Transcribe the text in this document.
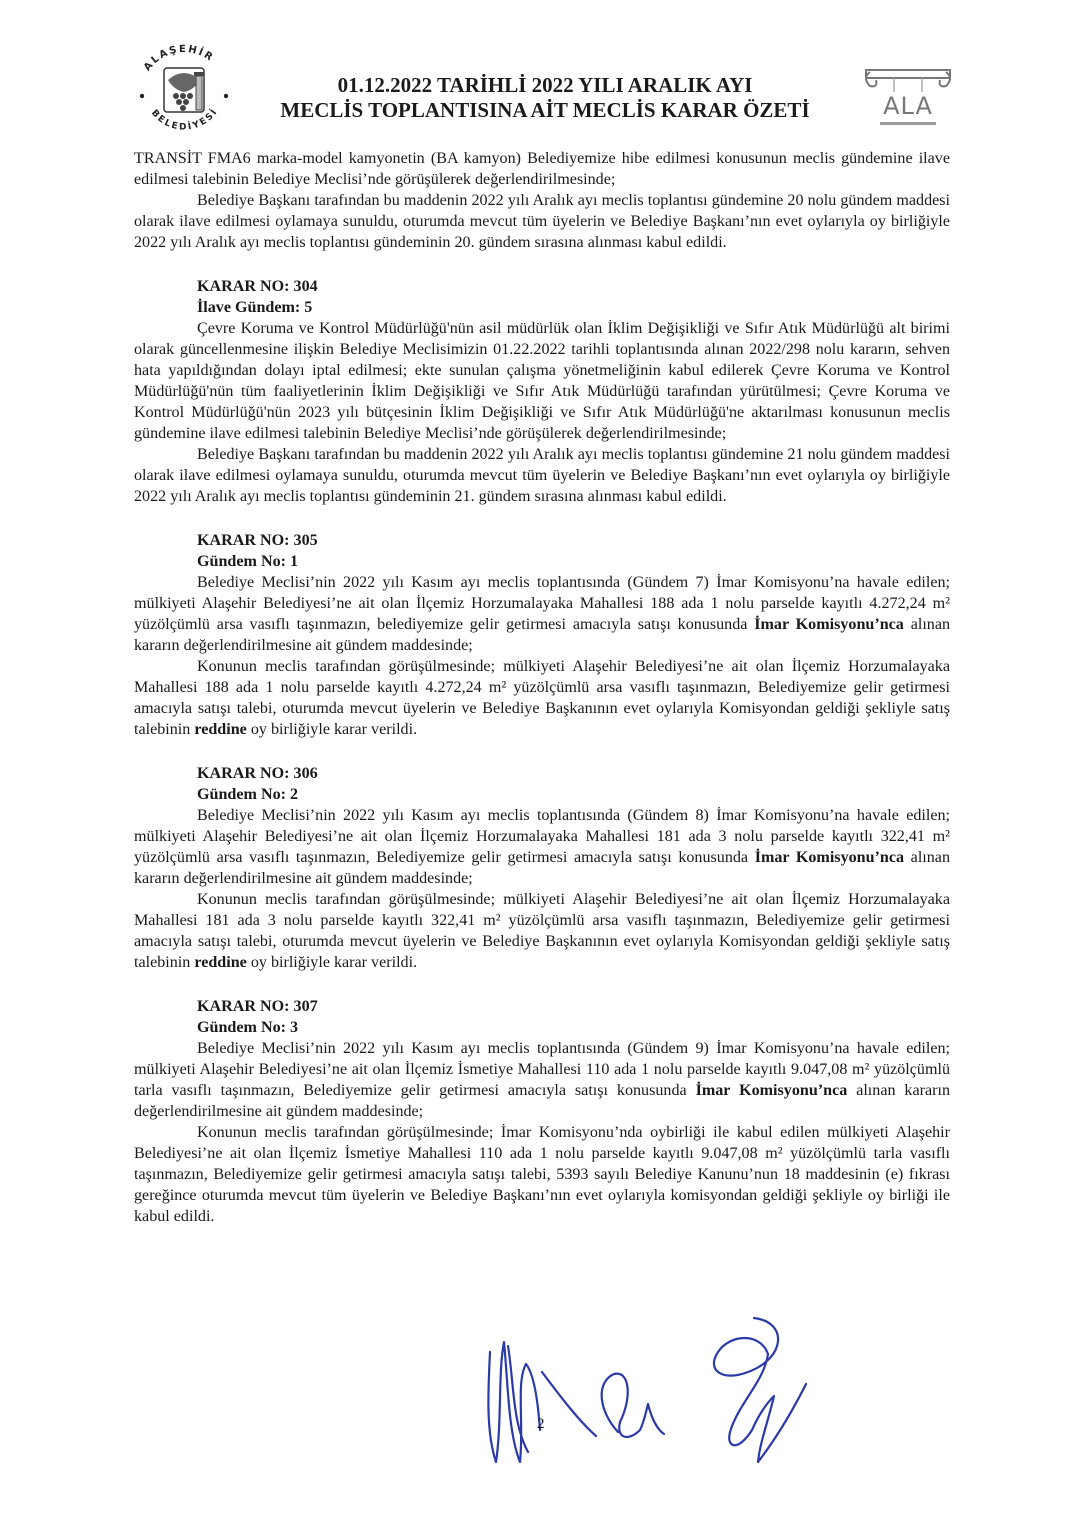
ALAŞEHİR
BELEDİYESİ
01.12.2022 TARİHLİ 2022 YILI ARALIK AYI
MECLİS TOPLANTISINA AİT MECLİS KARAR ÖZETİ	ALA

TRANSİT FMA6 marka-model kamyonetin (BA kamyon) Belediyemize hibe edilmesi konusunun meclis gündemine ilave edilmesi talebinin Belediye Meclisi’nde görüşülerek değerlendirilmesinde;

Belediye Başkanı tarafından bu maddenin 2022 yılı Aralık ayı meclis toplantısı gündemine 20 nolu gündem maddesi olarak ilave edilmesi oylamaya sunuldu, oturumda mevcut tüm üyelerin ve Belediye Başkanı’nın evet oylarıyla oy birliğiyle 2022 yılı Aralık ayı meclis toplantısı gündeminin 20. gündem sırasına alınması kabul edildi.

KARAR NO: 304
İlave Gündem: 5

Çevre Koruma ve Kontrol Müdürlüğü'nün asil müdürlük olan İklim Değişikliği ve Sıfır Atık Müdürlüğü alt birimi olarak güncellenmesine ilişkin Belediye Meclisimizin 01.22.2022 tarihli toplantısında alınan 2022/298 nolu kararın, sehven hata yapıldığından dolayı iptal edilmesi; ekte sunulan çalışma yönetmeliğinin kabul edilerek Çevre Koruma ve Kontrol Müdürlüğü'nün tüm faaliyetlerinin İklim Değişikliği ve Sıfır Atık Müdürlüğü tarafından yürütülmesi; Çevre Koruma ve Kontrol Müdürlüğü'nün 2023 yılı bütçesinin İklim Değişikliği ve Sıfır Atık Müdürlüğü'ne aktarılması konusunun meclis gündemine ilave edilmesi talebinin Belediye Meclisi’nde görüşülerek değerlendirilmesinde;

Belediye Başkanı tarafından bu maddenin 2022 yılı Aralık ayı meclis toplantısı gündemine 21 nolu gündem maddesi olarak ilave edilmesi oylamaya sunuldu, oturumda mevcut tüm üyelerin ve Belediye Başkanı’nın evet oylarıyla oy birliğiyle 2022 yılı Aralık ayı meclis toplantısı gündeminin 21. gündem sırasına alınması kabul edildi.

KARAR NO: 305
Gündem No: 1

Belediye Meclisi’nin 2022 yılı Kasım ayı meclis toplantısında (Gündem 7) İmar Komisyonu’na havale edilen; mülkiyeti Alaşehir Belediyesi’ne ait olan İlçemiz Horzumalayaka Mahallesi 188 ada 1 nolu parselde kayıtlı 4.272,24 m² yüzölçümlü arsa vasıflı taşınmazın, belediyemize gelir getirmesi amacıyla satışı konusunda İmar Komisyonu’nca alınan kararın değerlendirilmesine ait gündem maddesinde;

Konunun meclis tarafından görüşülmesinde; mülkiyeti Alaşehir Belediyesi’ne ait olan İlçemiz Horzumalayaka Mahallesi 188 ada 1 nolu parselde kayıtlı 4.272,24 m² yüzölçümlü arsa vasıflı taşınmazın, Belediyemize gelir getirmesi amacıyla satışı talebi, oturumda mevcut üyelerin ve Belediye Başkanının evet oylarıyla Komisyondan geldiği şekliyle satış talebinin reddine oy birliğiyle karar verildi.

KARAR NO: 306
Gündem No: 2

Belediye Meclisi’nin 2022 yılı Kasım ayı meclis toplantısında (Gündem 8) İmar Komisyonu’na havale edilen; mülkiyeti Alaşehir Belediyesi’ne ait olan İlçemiz Horzumalayaka Mahallesi 181 ada 3 nolu parselde kayıtlı 322,41 m² yüzölçümlü arsa vasıflı taşınmazın, Belediyemize gelir getirmesi amacıyla satışı konusunda İmar Komisyonu’nca alınan kararın değerlendirilmesine ait gündem maddesinde;

Konunun meclis tarafından görüşülmesinde; mülkiyeti Alaşehir Belediyesi’ne ait olan İlçemiz Horzumalayaka Mahallesi 181 ada 3 nolu parselde kayıtlı 322,41 m² yüzölçümlü arsa vasıflı taşınmazın, Belediyemize gelir getirmesi amacıyla satışı talebi, oturumda mevcut üyelerin ve Belediye Başkanının evet oylarıyla Komisyondan geldiği şekliyle satış talebinin reddine oy birliğiyle karar verildi.

KARAR NO: 307
Gündem No: 3

Belediye Meclisi’nin 2022 yılı Kasım ayı meclis toplantısında (Gündem 9) İmar Komisyonu’na havale edilen; mülkiyeti Alaşehir Belediyesi’ne ait olan İlçemiz İsmetiye Mahallesi 110 ada 1 nolu parselde kayıtlı 9.047,08 m² yüzölçümlü tarla vasıflı taşınmazın, Belediyemize gelir getirmesi amacıyla satışı konusunda İmar Komisyonu’nca alınan kararın değerlendirilmesine ait gündem maddesinde;

Konunun meclis tarafından görüşülmesinde; İmar Komisyonu’nda oybirliği ile kabul edilen mülkiyeti Alaşehir Belediyesi’ne ait olan İlçemiz İsmetiye Mahallesi 110 ada 1 nolu parselde kayıtlı 9.047,08 m² yüzölçümlü tarla vasıflı taşınmazın, Belediyemize gelir getirmesi amacıyla satışı talebi, 5393 sayılı Belediye Kanunu’nun 18 maddesinin (e) fıkrası gereğince oturumda mevcut tüm üyelerin ve Belediye Başkanı’nın evet oylarıyla komisyondan geldiği şekliyle oy birliği ile kabul edildi.

2
